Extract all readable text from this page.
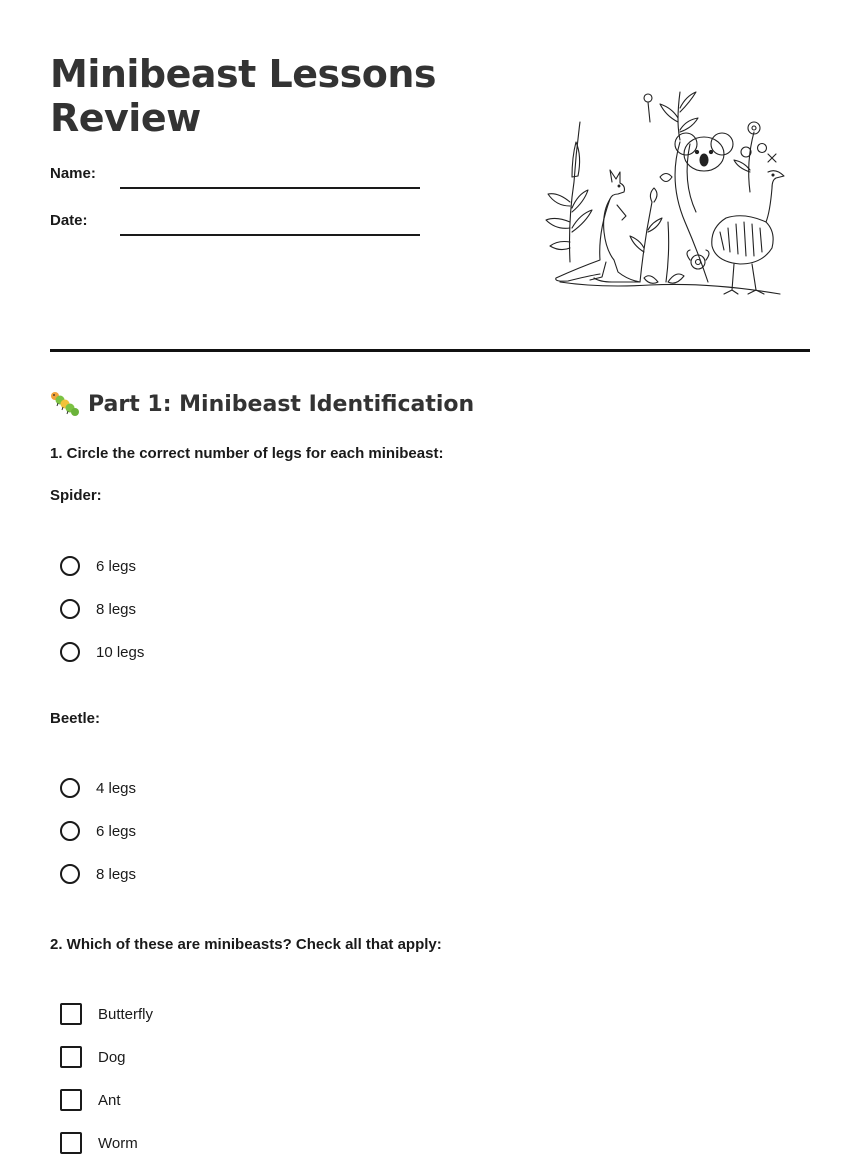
Minibeast Lessons
Review
Name:
Date:
Part 1: Minibeast Identification
1. Circle the correct number of legs for each minibeast:
Spider:
6 legs
8 legs
10 legs
Beetle:
4 legs
6 legs
8 legs
2. Which of these are minibeasts? Check all that apply:
Butterfly
Dog
Ant
Worm
